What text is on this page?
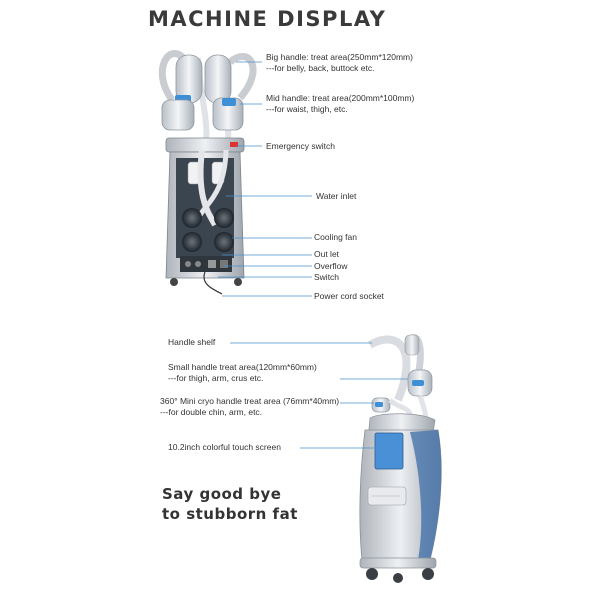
MACHINE DISPLAY
Big handle: treat area(250mm*120mm)
---for belly, back, buttock etc.
Mid handle: treat area(200mm*100mm)
---for waist, thigh, etc.
Emergency switch
Water inlet
Cooling fan
Out let
Overflow
Switch
Power cord socket
Handle shelf
Small handle treat area(120mm*60mm)
---for thigh, arm, crus etc.
360° Mini cryo handle treat area (76mm*40mm)
---for double chin, arm, etc.
10.2inch colorful touch screen
Say good bye
to stubborn fat
